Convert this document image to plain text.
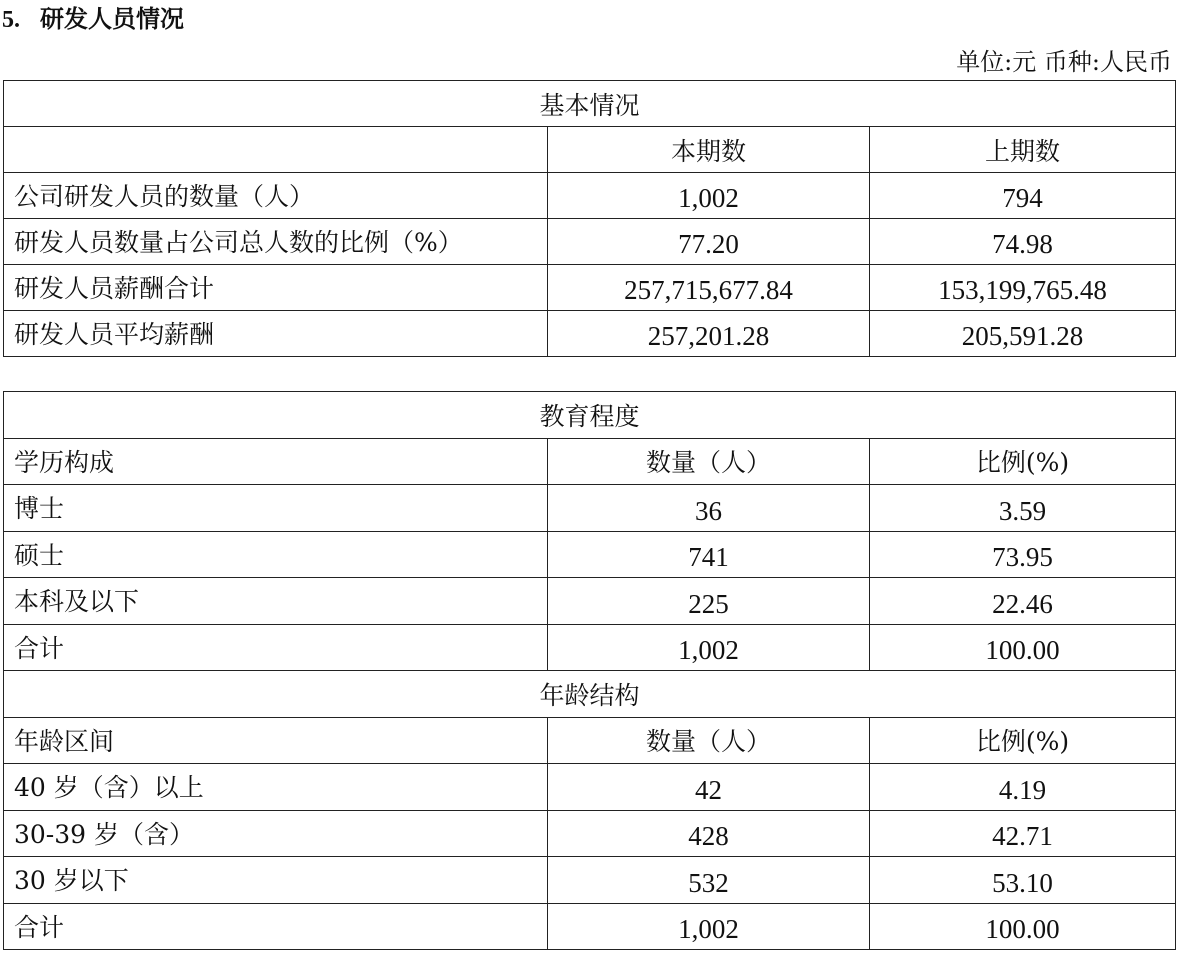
5. 研发人员情况
单位:元 币种:人民币
基本情况		
	本期数	上期数
公司研发人员的数量（人）	1,002	794
研发人员数量占公司总人数的比例（%）	77.20	74.98
研发人员薪酬合计	257,715,677.84	153,199,765.48
研发人员平均薪酬	257,201.28	205,591.28
教育程度		
学历构成	数量（人）	比例(%)
博士	36	3.59
硕士	741	73.95
本科及以下	225	22.46
合计	1,002	100.00
年龄结构		
年龄区间	数量（人）	比例(%)
40 岁（含）以上	42	4.19
30-39 岁（含）	428	42.71
30 岁以下	532	53.10
合计	1,002	100.00
